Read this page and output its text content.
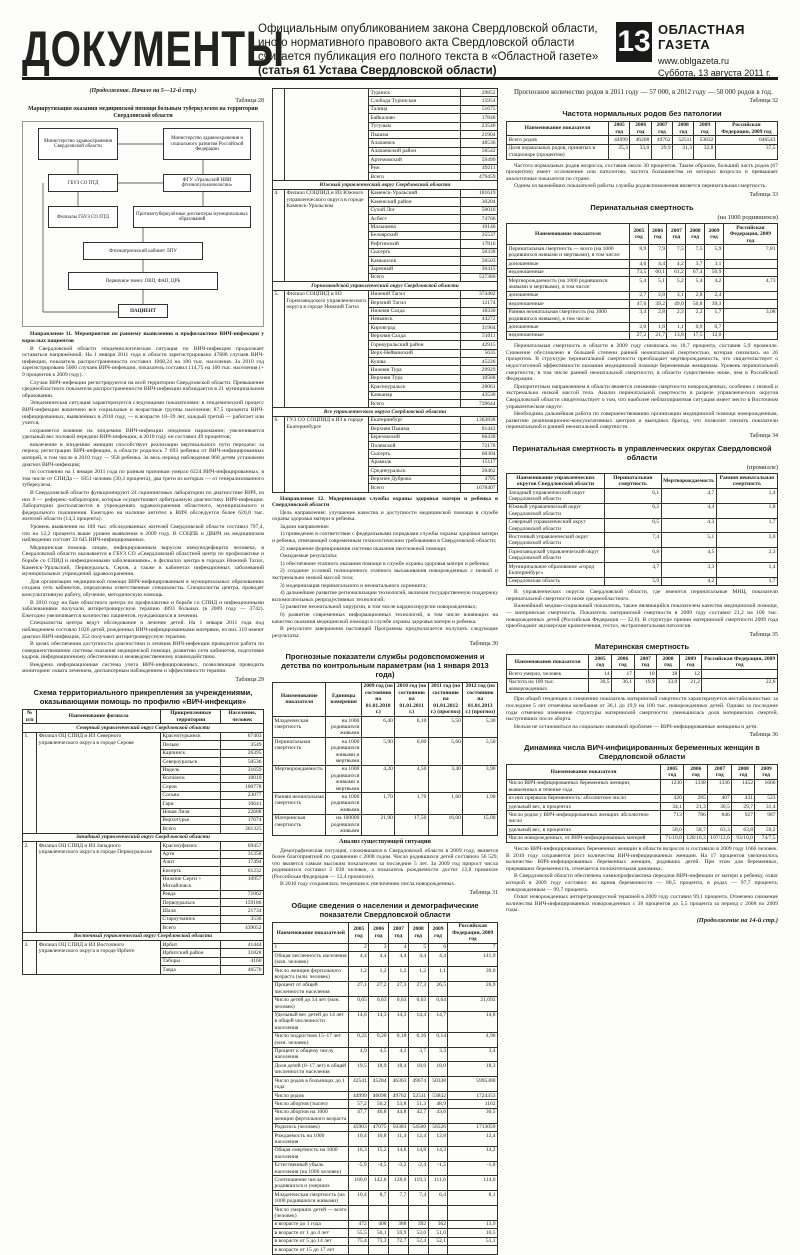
ДОКУМЕНТЫ
Официальным опубликованием закона Свердловской области, иного нормативного правового акта Свердловской области считается публикация его полного текста в «Областной газете» (статья 61 Устава Свердловской области)
13 ОБЛАСТНАЯ ГАЗЕТА
www.oblgazeta.ru
Суббота, 13 августа 2011 г.
(Продолжение. Начало на 5—12-й стр.)
Таблица 28
Маршрутизация оказания медицинской помощи больным туберкулезом на территории Свердловской области
Министерство здравоохранения Свердловской области
Министерство здравоохранения и социального развития Российской Федерации
ГБУЗ СО ПТД
ФГУ «Уральский НИИ фтизиопульмонологии»
Филиалы ГБУЗ СО ПТД
Противотуберкулёзные диспансеры муниципальных образований
Фтизиатрический кабинет ЛПУ
Первичное звено: ОВП, ФАП, ЦРБ
ПАЦИЕНТ

Направление 11. Мероприятия по раннему выявлению и профилактике ВИЧ-инфекции у взрослых пациентов

В Свердловской области эпидемиологическая ситуация по ВИЧ-инфекции продолжает оставаться напряжённой. На 1 января 2011 года в области зарегистрировано 47888 случаев ВИЧ-инфекции, показатель распространенности составил 1068,24 на 100 тыс. населения. За 2010 год зарегистрировано 5060 случаев ВИЧ-инфекции, показатель составил 114,75 на 100 тыс. населения (+ 9 процентов к 2009 году).

Случаи ВИЧ-инфекции регистрируются на всей территории Свердловской области. Превышение среднеобластного показателя распространенности ВИЧ-инфекции наблюдается в 21 муниципальном образовании.

Эпидемическая ситуация характеризуется следующими показателями: в эпидемический процесс ВИЧ-инфекции вовлечено все социальные и возрастные группы населения; 87,5 процента ВИЧ-инфицированных, выявленных в 2010 году, — в возрасте 18–39 лет, каждый третий — работает или учится;

сохраняется влияние на эпидемию ВИЧ-инфекции эпидемии наркомании; увеличивается удельный вес половой передачи ВИЧ-инфекции, в 2010 году он составил 49 процентов;

вовлечение в эпидемию женщин способствует реализации вертикального пути передачи: за период регистрации ВИЧ-инфекции, в области родилось 7 693 ребенка от ВИЧ-инфицированных матерей, в том числе в 2010 году — 958 ребенка. За весь период наблюдения 968 детям установлен диагноз ВИЧ-инфекция;

по состоянию на 1 января 2011 года по разным причинам умерло 6224 ВИЧ-инфицированных, в том числе от СПИДа — 1851 человек (30,3 процента), два трети из которых — от генерализованного туберкулеза.

В Свердловской области функционируют 24 скрининговых лаборатории по диагностике ВИЧ, из них 6 — референс-лаборатории, которые осуществляют арбитражную диагностику ВИЧ-инфекции. Лаборатории располагаются в учреждениях здравоохранения областного, муниципального и федерального подчинения. Ежегодно на наличие антител к ВИЧ обследуется более 620,0 тыс. жителей области (14,3 процента).

Уровень выявления на 100 тыс. обследованных жителей Свердловской области составил 797,4, что на 12,2 процента выше уровня выявления в 2009 году. В СОЦПБ и ДВИЧ на медицинском наблюдении состоят 33 645 ВИЧ-инфицированных.

Медицинская помощь лицам, инфицированным вирусом иммунодефицита человека, в Свердловской области оказывается в ГБУЗ СО «Свердловский областной центр по профилактике и борьбе со СПИД и инфекционными заболеваниями», в филиалах центра в городах Нижний Тагил, Каменск-Уральский, Первоуральск, Серов, а также в кабинетах инфекционных заболеваний муниципальных учреждений здравоохранения.

Для организации медицинской помощи ВИЧ-инфицированным в муниципальных образованиях создана сеть кабинетов, определены ответственные специалисты. Специалисты центра, проводят консультативную работу, обучение, методическую помощь.

В 2010 году на базе областного центра по профилактике и борьбе со СПИД и инфекционными заболеваниями получали антиретровирусную терапию 4893 больных (в 2009 году — 3742). Ежегодно увеличивается количество пациентов, нуждающихся в лечении.

Специалисты центра ведут обследование и лечение детей. На 1 января 2011 года под наблюдением состояло 1026 детей, рожденных ВИЧ-инфицированными матерями, из них 319 имеют диагноз ВИЧ-инфекция, 252 получают антиретровирусную терапию.

В целях обеспечения доступности диагностики и лечения ВИЧ-инфекции проводится работа по совершенствованию системы оказания медицинской помощи, развитию сети кабинетов, подготовке кадров, информационному обеспечению и межведомственному взаимодействию.

Внедрена информационная система учета ВИЧ-инфицированных, позволяющая проводить мониторинг охвата лечением, диспансерным наблюдением и эффективности терапии.

Таблица 29
Схема территориального прикрепления за учреждениями, оказывающими помощь по профилю «ВИЧ-инфекция»
№ п/п	Наименование филиала	Прикрепленные территории	Население, человек
Северный управленческий округ Свердловской области			
1.	Филиал ОЦ СПИД и ИЗ Северного управленческого округа в городе Серове	Краснотурьинск	67403
		Пелым	3549
		Карпинск	26395
		Североуральск	50536
		Ивдель	31659
		Волчанск	10010
		Серов	100778
		Сосьва	23077
		Гари	10641
		Новая Ляля	22688
		Верхотурье	17674
		Всего	361325
Западный управленческий округ Свердловской области			
2.	Филиал ОЦ СПИД и ИЗ Западного управленческого округа в городе Первоуральске	Красноуфимск	69457
		Арти	31358
		Ачит	17494
		Бисерть	61232
		Нижние Серги + Михайловск	10957
		Ревда	71062
		Первоуральск	159186
		Шаля	21734
		Староуткинск	3536
		Всего	439052
Восточный управленческий округ Свердловской области			
3.	Филиал ОЦ СПИД и ИЗ Восточного управленческого округа в городе Ирбите	Ирбит	41444
		Ирбитский район	31828
		Таборы	4160
		Тавда	46570
		Туринск	29852
		Слобода Туринская	15954
		Талица	51675
		Байкалово	17848
		Тугулым	23540
		Пышма	21904
		Алапаевск	48536
		Алапаевский район	56542
		Артемовский	59499
		Реж	49211
		Всего	479459
Южный управленческий округ Свердловской области			
4.	Филиал СОЦПИД и ИЗ Южного управленческого округа в городе Каменск-Уральском	Каменск-Уральский	181619
		Каменский район	30204
		Сухой Лог	50016
		Асбест	74766
		Малышева	10146
		Белоярский	35537
		Рефтинский	17816
		Сысерть	50338
		Камышлов	56503
		Заречный	30415
		Всего	537360
Горнозаводской управленческий округ Свердловской области			
5.	Филиал СОЦПИД и ИЗ Горнозаводского управленческого округа в городе Нижний Тагил	Нижний Тагил	374482
		Верхний Тагил	12174
		Нижняя Салда	18330
		Невьянск	44272
		Кировград	31964
		Верхняя Салда	51011
		Горноуральский район	42915
		Верх-Нейвинский	5635
		Кушва	45226
		Нижняя Тура	29929
		Верхняя Тура	10568
		Красноуральск	28061
		Качканар	43530
		Всего	739644
Все управленческого округа Свердловской области			
6.	ГУЗ СО СОЦПИД и ИЗ в городе Екатеринбурге	Екатеринбург	1363838
		Верхняя Пышма	81442
		Березовский	66430
		Полевской	72176
		Сысерть	60304
		Арамиль	15117
		Среднеуральск	20462
		Верхнее Дуброво	4795
		Всего	1678407

Направление 12. Модернизация службы охраны здоровья матери и ребенка в Свердловской области

Цель направления: улучшение качества и доступности медицинской помощи в службе охраны здоровья матери и ребенка.

Задачи направления:

1) приведение в соответствие с федеральными порядками службы охраны здоровья матери и ребенка, отвечающей современным технологическим требованиям в Свердловской области;

2) завершение формирования системы оказания неотложной помощи;

Ожидаемые результаты:

1) обеспечение этапного оказания помощи в службе охраны здоровья матери и ребенка;

2) создание условий полноценного этапного выхаживания новорожденных с низкой и экстремально низкой массой тела;

3) модернизация перинатального и неонатального скрининга;

4) дальнейшее развитие регионализации технологий, включая государственную поддержку вспомогательных репродуктивных технологий;

5) развитие неонатальной хирургии, в том числе кардиохирургии новорожденных;

6) развитие современных информационных технологий, в том числе влияющих на качество оказания медицинской помощи в службе охраны здоровья матери и ребенка.

В результате завершения настоящей Программы предполагается получить следующие результаты:

Таблица 30
Прогнозные показатели службы родовспоможения и детства по контрольным параметрам (на 1 января 2013 года)
Наименование показателя	Единицы измерения	2009 год (по состоянию на 01.01.2010 г.)	2010 год (по состоянию на 01.01.2011 г.)	2011 год (по состоянию на 01.01.2012 г.) (прогноз)	2012 год (по состоянию на 01.01.2013 г.) (прогноз)
Младенческая смертность	на 1000 родившихся живыми	6,40	6,10	5,50	5,30
Перинатальная смертность	на 1000 родившихся живыми и мертвыми	5,90	6,00	5,60	5,50
Мертворождаемость	на 1000 родившихся живыми и мертвыми	4,20	4,50	3,40	3,90
Ранняя неонатальная смертность	на 1000 родившихся живыми	1,70	1,70	1,60	1,90
Материнская смертность	на 100000 родившихся живыми	21,90	17,50	16,00	15,00
Анализ существующей ситуации

Демографическая ситуация, сложившаяся в Свердловской области в 2009 году, является более благоприятной по сравнению с 2008 годом. Число родившихся детей составило 56 529, что является самым высоким показателем за последние 5 лет. За 2009 год прирост числа родившихся составил 2 038 человек, а показатель рождаемости достиг 12,8 промилле (Российская Федерация — 12,4 промилле).

В 2010 году сохранялась тенденция к увеличению числа новорожденных.

Таблица 31
Общие сведения о населении и демографические показатели Свердловской области
Наименование показателей	2005 год	2006 год	2007 год	2008 год	2009 год	Российская Федерация, 2009 год
1	2	3	4	5	6	7
Общая численность населения (млн. человек)	4,4	4,4	4,4	4,4	4,4	141,9
Число женщин фертильного возраста (млн. человек)	1,2	1,2	1,2	1,2	1,1	39,0
Процент от общей численности населения	27,1	27,2	27,3	27,3	26,5	26,9
Число детей до 14 лет (млн. человек)	0,65	0,63	0,63	0,63	0,64	21,092
Удельный вес детей до 14 лет в общей численности населения	14,6	14,3	14,3	14,4	14,7	14,8
Число подростков 15–17 лет (млн. человек)	0,22	0,20	0,18	0,16	0,14	4,96
Процент к общему числу населения	4,9	4,5	4,1	3,7	3,3	3,4
Доля детей (0–17 лет) в общей численности населения	19,5	18,9	18,4	18,0	18,0	18,3
Число родов в больницах до 1 года	42541	45284	46363	49674	50338	5995380
Число родов	44999	46098	49762	52511	53832	1724353
Число абортов (тысяч)	57,2	56,2	53,8	51,3	48,9	1162
Число абортов на 1000 женщин фертильного возраста	47,7	46,8	44,8	42,7	43,6	30,5
Родилось (человек)	45903	47075	50383	54500	56526	1713059
Рождаемость на 1000 населения	10,4	10,8	11,4	12,4	12,8	12,4
Общая смертность на 1000 населения	16,3	15,2	14,6	14,8	14,3	14,2
Естественный убыль населения (на 1000 человек)	-5,9	-4,5	-3,2	-2,4	-1,5	-1,8
Соотношение числа родившихся и умерших	160,0	142,6	128,0	119,3	111,6	114,0
Младенческая смертность (на 1000 родившихся живыми)	10,4	8,7	7,7	7,4	6,4	8,1
Число умерших детей — всего (человек)						
в возрасте до 1 года	472	408	388	392	362	13,9
в возрасте от 1 до 4 лет	55,5	56,1	59,9	53,0	51,0	10,5
в возрасте от 5 до 14 лет	75,4	73,3	72,7	52,4	52,1	51,1
в возрасте от 15 до 17 лет						

Прогнозное количество родов в 2011 году — 57 000, в 2012 году — 58 000 родов в год.

Таблица 32
Частота нормальных родов без патологии
Наименование показателя	2005 год	2006 год	2007 год	2008 год	2009 год	Российская Федерация, 2009 год
Всего родов	44999	46208	49762	52511	53832	646543
Доля нормальных родов, принятых в стационаре (процентов)	25,3	33,0	29,9	31,3	32,8	37,5

Частота нормальных родов возросла, составив около 30 процентов. Таким образом, больший часть родов (67 процентов) имеет осложнение или патологию, частота большинства из которых возросла и превышает аналогичные показатели по стране.

Одним из важнейших показателей работы службы родовспоможения является перинатальная смертность.

Таблица 33
Перинатальная смертность
(на 1000 родившихся)
Наименование показателя	2005 год	2006 год	2007 год	2008 год	2009 год	Российская Федерация, 2009 год
Перинатальная смертность — всего (на 1000 родившихся живыми и мертвыми), в том числе:	8,9	7,9	7,5	7,5	5,9	7,81
доношенные	4,6	4,4	4,2	3,7	3,1	
недоношенные	73,5	60,1	61,2	67,4	50,9	
Мертворождаемость (на 1000 родившихся живыми и мертвыми), в том числе:	5,4	5,1	5,2	5,4	4,2	4,73
доношенные	2,7	2,8	3,1	2,8	2,4	
недоношенные	47,6	39,2	49,0	50,8	39,3	
Ранняя неонатальная смертность (на 1000 родившихся живыми), в том числе:	3,4	2,8	2,3	2,2	1,7	3,08
доношенные	2,0	1,6	1,1	0,9	0,7	
недоношенные	27,2	21,7	13,8	17,5	12,0	

Перинатальная смертность в области в 2009 году снизилась на 18,7 процента, составив 5,9 промилле. Снижение обусловлено в большей степени ранней неонатальной смертностью, которая снизилась на 26 процентов. В структуре перинатальной смертности преобладает мертворождаемость, что свидетельствует о недостаточной эффективности оказания медицинской помощи беременным женщинам. Уровень перинатальной смертности, в том числе ранней неонатальной смертности, в области существенно ниже, чем в Российской Федерации.

Приоритетным направлением в области является снижение смертности новорожденных, особенно с низкой и экстремально низкой массой тела. Анализ перинатальной смертности в разрезе управленческих округов Свердловской области свидетельствует о том, что наиболее неблагоприятная ситуация имеет место в Восточном управленческом округе.

Необходима дальнейшая работа по совершенствованию организации медицинской помощи новорожденным, развитию реанимационно-консультативных центров и выездных бригад, что позволит снизить показатели перинатальной и ранней неонатальной смертности.

Таблица 34
Перинатальная смертность в управленческих округах Свердловской области
(промилле)
Наименование управленческих округов Свердловской области	Перинатальная смертность	Мертворождаемость	Ранняя неонатальная смертность
Западный управленческий округ Свердловской области	6,1	4,7	1,4
Южный управленческий округ Свердловской области	6,2	4,4	1,8
Северный управленческий округ Свердловской области	6,5	4,3	1,7
Восточный управленческий округ Свердловской области	7,4	5,1	3,0
Горнозаводской управленческий округ Свердловской области	6,8	4,5	2,3
Муниципальное образование «город Екатеринбург»	4,7	3,3	1,4
Свердловская область	5,9	4,2	1,7

В управленческих округах Свердловской области, где имеются перинатальные МНЦ, показатели перинатальной смертности ниже среднеобластного.

Важнейший медико-социальный показатель, также являющийся показателем качества медицинской помощи, — материнская смертность. Показатель материнской смертности в 2009 году составил 21,2 на 100 тыс. новорожденных детей (Российская Федерация — 22,6). В структуре причин материнской смертности 2009 года преобладают акушерские кровотечения, гестоз, экстрагенитальная патология.

Таблица 35
Материнская смертность
Наименование показателя	2005 год	2006 год	2007 год	2008 год	2009 год	Российская Федерация, 2009 год
Всего умерло, человек	14	17	10	18	12	
Частота на 100 тыс. живорожденных	30,5	36,1	19,9	33,0	21,2	22,6

При общей тенденции к снижению показатель материнской смертности характеризуется нестабильностью: за последние 5 лет отмечены колебания от 36,1 до 19,9 на 100 тыс. новорожденных детей. Однако за последние годы отмечено изменение структуры материнской смертности: уменьшилась доля материнских смертей, наступивших после аборта.

Нельзя не остановиться на социально значимой проблеме — ВИЧ-инфицированные женщины и дети.

Таблица 36
Динамика числа ВИЧ-инфицированных беременных женщин в Свердловской области
Наименование показателя	2005 год	2006 год	2007 год	2008 год	2009 год
Число ВИЧ-инфицированных беременных женщин, выявленных в течение года	1230	1338	1336	1452	1666
из них прервали беременность: абсолютное число	420	285	407	431	523
удельный вес, в процентах	34,1	21,3	30,5	29,7	31,4
Число родов у ВИЧ-инфицированных женщин: абсолютное число	713	786	846	927	987
удельный вес, в процентах	58,0	58,7	63,3	63,8	59,2
Число новорожденных, от ВИЧ-инфицированных матерей	71/10,0	128/16,3	107/12,6	93/10,0	74/7,5

Число ВИЧ-инфицированных беременных женщин в области возросло и составило в 2009 году 1666 человек. В 2010 году сохраняется рост количества ВИЧ-инфицированных женщин. На 17 процентов увеличилось количество ВИЧ-инфицированных беременных женщин, родивших детей. При этом для беременных, прервавших беременность, отмечается положительная динамика.

В Свердловской области обеспечена химиопрофилактика передачи ВИЧ-инфекции от матери к ребенку, охват которой в 2009 году составил: во время беременности — 88,5 процента, в родах — 97,7 процента, новорожденным — 99,7 процента.

Охват новорожденных антиретровирусной терапией в 2009 году составил 99,1 процента. Отмечено снижение количества ВИЧ-инфицированных новорожденных с 38 процентов до 5,5 процента за период с 2008 по 2009 годы.

(Продолжение на 14-й стр.)
